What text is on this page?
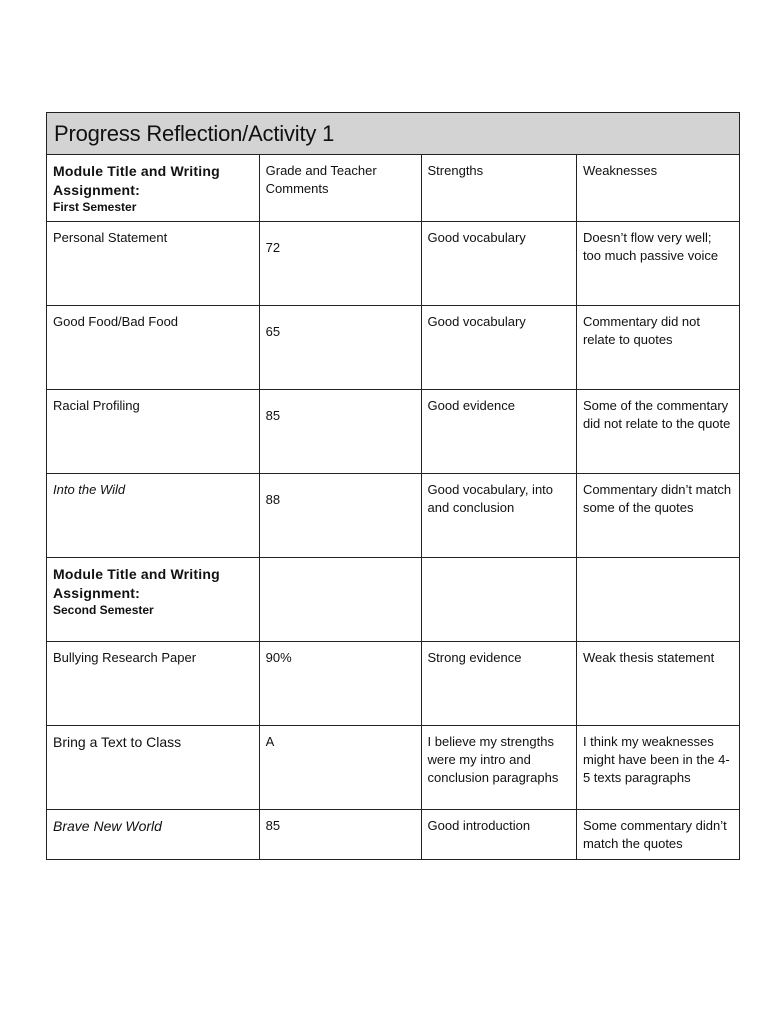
Progress Reflection/Activity 1			
Module Title and Writing Assignment:
First Semester	Grade and Teacher Comments	Strengths	Weaknesses
Personal Statement	72	Good vocabulary	Doesn’t flow very well; too much passive voice
Good Food/Bad Food	65	Good vocabulary	Commentary did not relate to quotes
Racial Profiling	85	Good evidence	Some of the commentary did not relate to the quote
Into the Wild	88	Good vocabulary, into and conclusion	Commentary didn’t match some of the quotes
Module Title and Writing Assignment:
Second Semester			

Bullying Research Paper	90%	Strong evidence	Weak thesis statement
Bring a Text to Class	A	I believe my strengths were my intro and conclusion paragraphs	I think my weaknesses might have been in the 4-5 texts paragraphs
Brave New World	85	Good introduction	Some commentary didn’t match the quotes
